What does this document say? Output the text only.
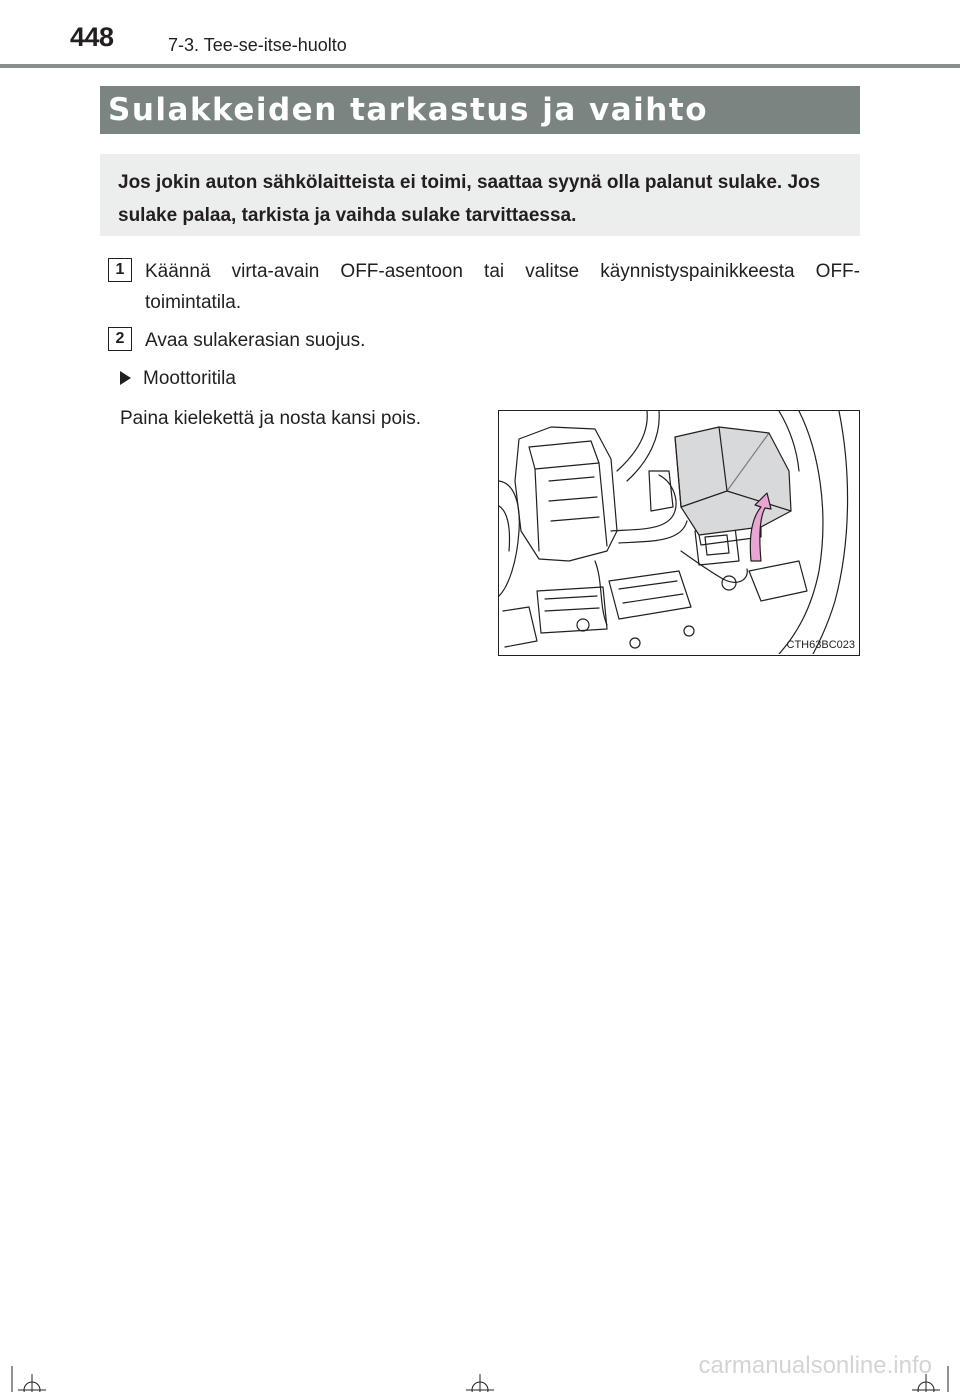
448	7-3. Tee-se-itse-huolto
Sulakkeiden tarkastus ja vaihto
Jos jokin auton sähkölaitteista ei toimi, saattaa syynä olla palanut sulake. Jos sulake palaa, tarkista ja vaihda sulake tarvittaessa.
1	Käännä virta-avain OFF-asentoon tai valitse käynnistyspainikkeesta OFF-toimintatila.
2	Avaa sulakerasian suojus.
Moottoritila
Paina kielekettä ja nosta kansi pois.
CTH63BC023
carmanualsonline.info
